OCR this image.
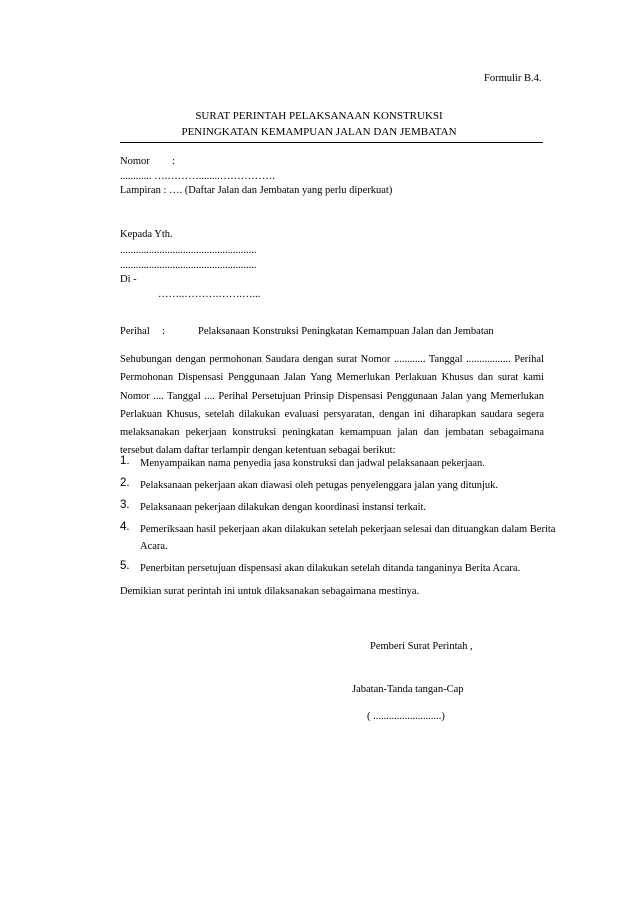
Formulir B.4.
SURAT PERINTAH PELAKSANAAN KONSTRUKSI
PENINGKATAN KEMAMPUAN JALAN DAN JEMBATAN
Nomor :
............ ….………........…………….
Lampiran : …. (Daftar Jalan dan Jembatan yang perlu diperkuat)
Kepada Yth.
....................................................
....................................................
Di -
……..……….…….…...
Perihal :	Pelaksanaan Konstruksi Peningkatan Kemampuan Jalan dan Jembatan
Sehubungan dengan permohonan Saudara dengan surat Nomor ............ Tanggal ................. Perihal Permohonan Dispensasi Penggunaan Jalan Yang Memerlukan Perlakuan Khusus dan surat kami Nomor .... Tanggal .... Perihal Persetujuan Prinsip Dispensasi Penggunaan Jalan yang Memerlukan Perlakuan Khusus, setelah dilakukan evaluasi persyaratan, dengan ini diharapkan saudara segera melaksanakan pekerjaan konstruksi peningkatan kemampuan jalan dan jembatan sebagaimana tersebut dalam daftar terlampir dengan ketentuan sebagai berikut:
1. Menyampaikan nama penyedia jasa konstruksi dan jadwal pelaksanaan pekerjaan.
2. Pelaksanaan pekerjaan akan diawasi oleh petugas penyelenggara jalan yang ditunjuk.
3. Pelaksanaan pekerjaan dilakukan dengan koordinasi instansi terkait.
4. Pemeriksaan hasil pekerjaan akan dilakukan setelah pekerjaan selesai dan dituangkan dalam Berita Acara.
5. Penerbitan persetujuan dispensasi akan dilakukan setelah ditanda tanganinya Berita Acara.
Demikian surat perintah ini untuk dilaksanakan sebagaimana mestinya.
Pemberi Surat Perintah ,
Jabatan-Tanda tangan-Cap
( ..........................)
